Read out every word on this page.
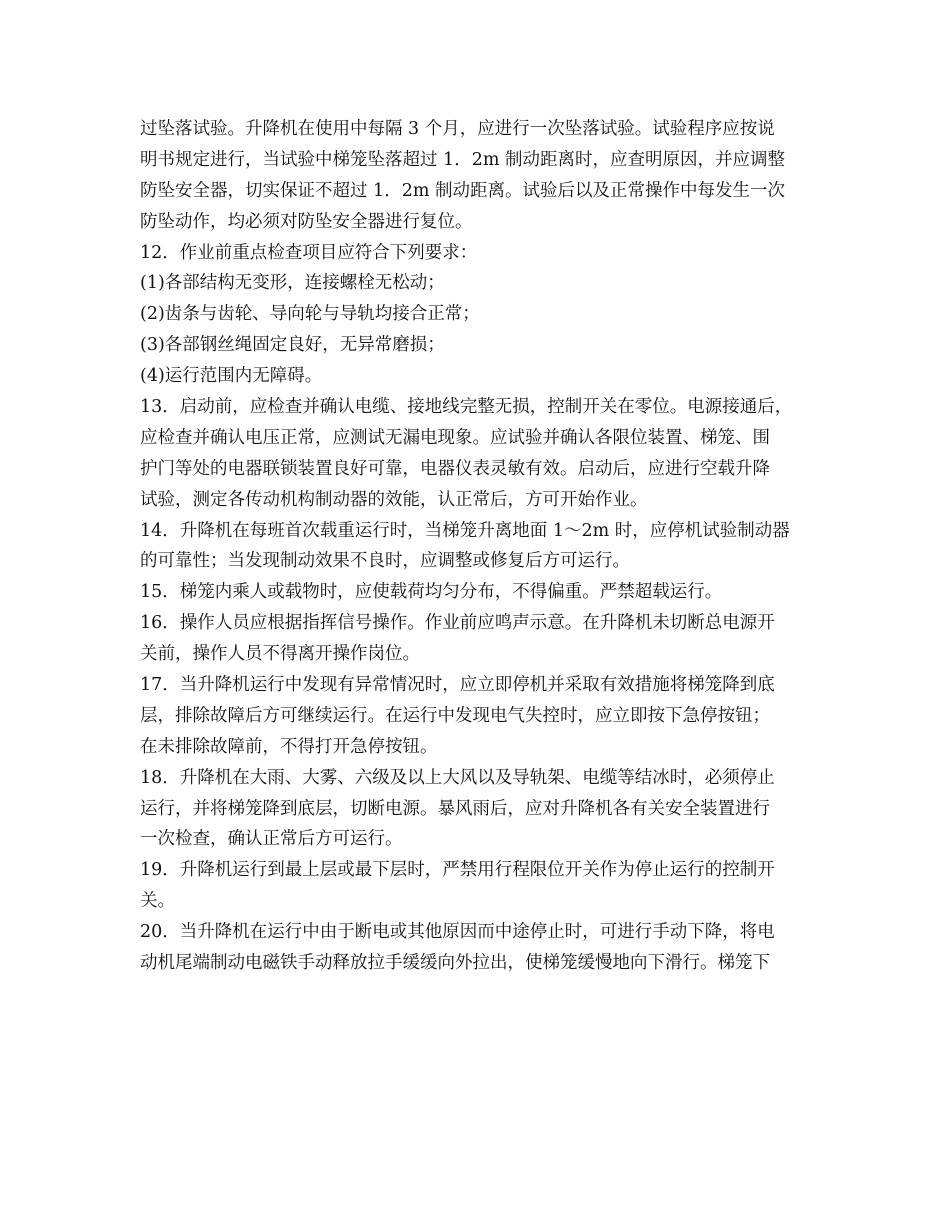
过坠落试验。升降机在使用中每隔 3 个月，应进行一次坠落试验。试验程序应按说
明书规定进行，当试验中梯笼坠落超过 1．2m 制动距离时，应查明原因，并应调整
防坠安全器，切实保证不超过 1．2m 制动距离。试验后以及正常操作中每发生一次
防坠动作，均必须对防坠安全器进行复位。
12．作业前重点检查项目应符合下列要求：
(1)各部结构无变形，连接螺栓无松动；
(2)齿条与齿轮、导向轮与导轨均接合正常；
(3)各部钢丝绳固定良好，无异常磨损；
(4)运行范围内无障碍。
13．启动前，应检查并确认电缆、接地线完整无损，控制开关在零位。电源接通后，
应检查并确认电压正常，应测试无漏电现象。应试验并确认各限位装置、梯笼、围
护门等处的电器联锁装置良好可靠，电器仪表灵敏有效。启动后，应进行空载升降
试验，测定各传动机构制动器的效能，认正常后，方可开始作业。
14．升降机在每班首次载重运行时，当梯笼升离地面 1～2m 时，应停机试验制动器
的可靠性；当发现制动效果不良时，应调整或修复后方可运行。
15．梯笼内乘人或载物时，应使载荷均匀分布，不得偏重。严禁超载运行。
16．操作人员应根据指挥信号操作。作业前应鸣声示意。在升降机未切断总电源开
关前，操作人员不得离开操作岗位。
17．当升降机运行中发现有异常情况时，应立即停机并采取有效措施将梯笼降到底
层，排除故障后方可继续运行。在运行中发现电气失控时，应立即按下急停按钮；
在未排除故障前，不得打开急停按钮。
18．升降机在大雨、大雾、六级及以上大风以及导轨架、电缆等结冰时，必须停止
运行，并将梯笼降到底层，切断电源。暴风雨后，应对升降机各有关安全装置进行
一次检查，确认正常后方可运行。
19．升降机运行到最上层或最下层时，严禁用行程限位开关作为停止运行的控制开
关。
20．当升降机在运行中由于断电或其他原因而中途停止时，可进行手动下降，将电
动机尾端制动电磁铁手动释放拉手缓缓向外拉出，使梯笼缓慢地向下滑行。梯笼下
